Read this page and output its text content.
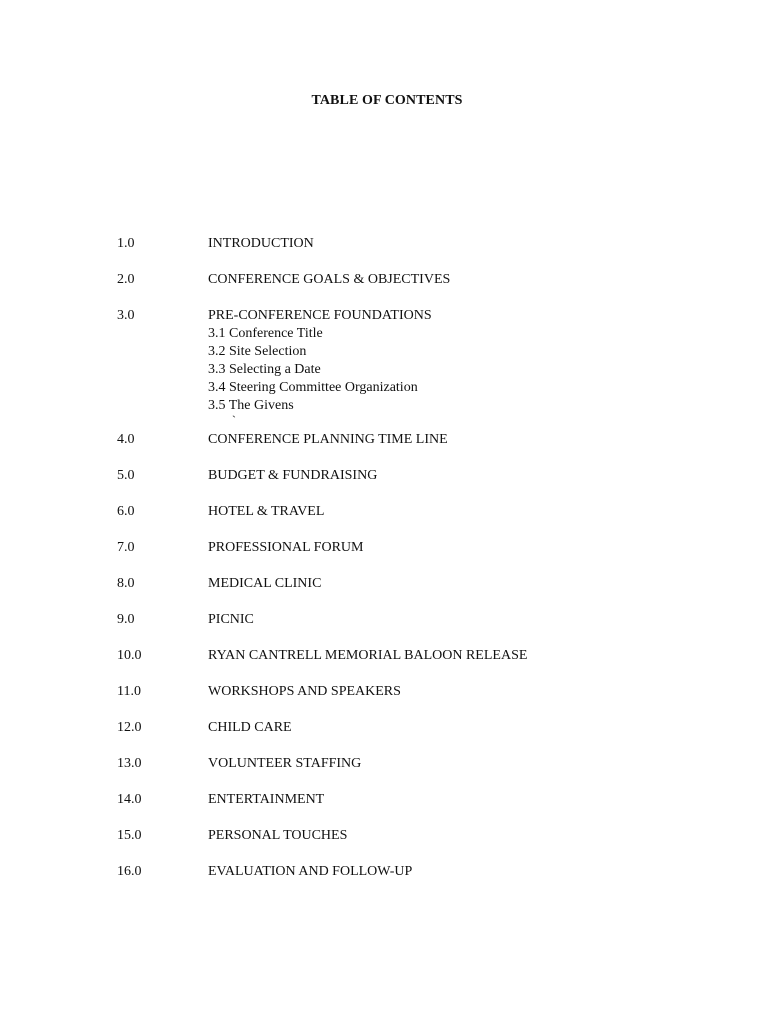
TABLE OF CONTENTS
1.0	INTRODUCTION
2.0	CONFERENCE GOALS & OBJECTIVES
3.0	PRE-CONFERENCE FOUNDATIONS
3.1 Conference Title
3.2 Site Selection
3.3 Selecting a Date
3.4 Steering Committee Organization
3.5 The Givens
`
4.0	CONFERENCE PLANNING TIME LINE
5.0	BUDGET & FUNDRAISING
6.0	HOTEL & TRAVEL
7.0	PROFESSIONAL FORUM
8.0	MEDICAL CLINIC
9.0	PICNIC
10.0	RYAN CANTRELL MEMORIAL BALOON RELEASE
11.0	WORKSHOPS AND SPEAKERS
12.0	CHILD CARE
13.0	VOLUNTEER STAFFING
14.0	ENTERTAINMENT
15.0	PERSONAL TOUCHES
16.0	EVALUATION AND FOLLOW-UP
